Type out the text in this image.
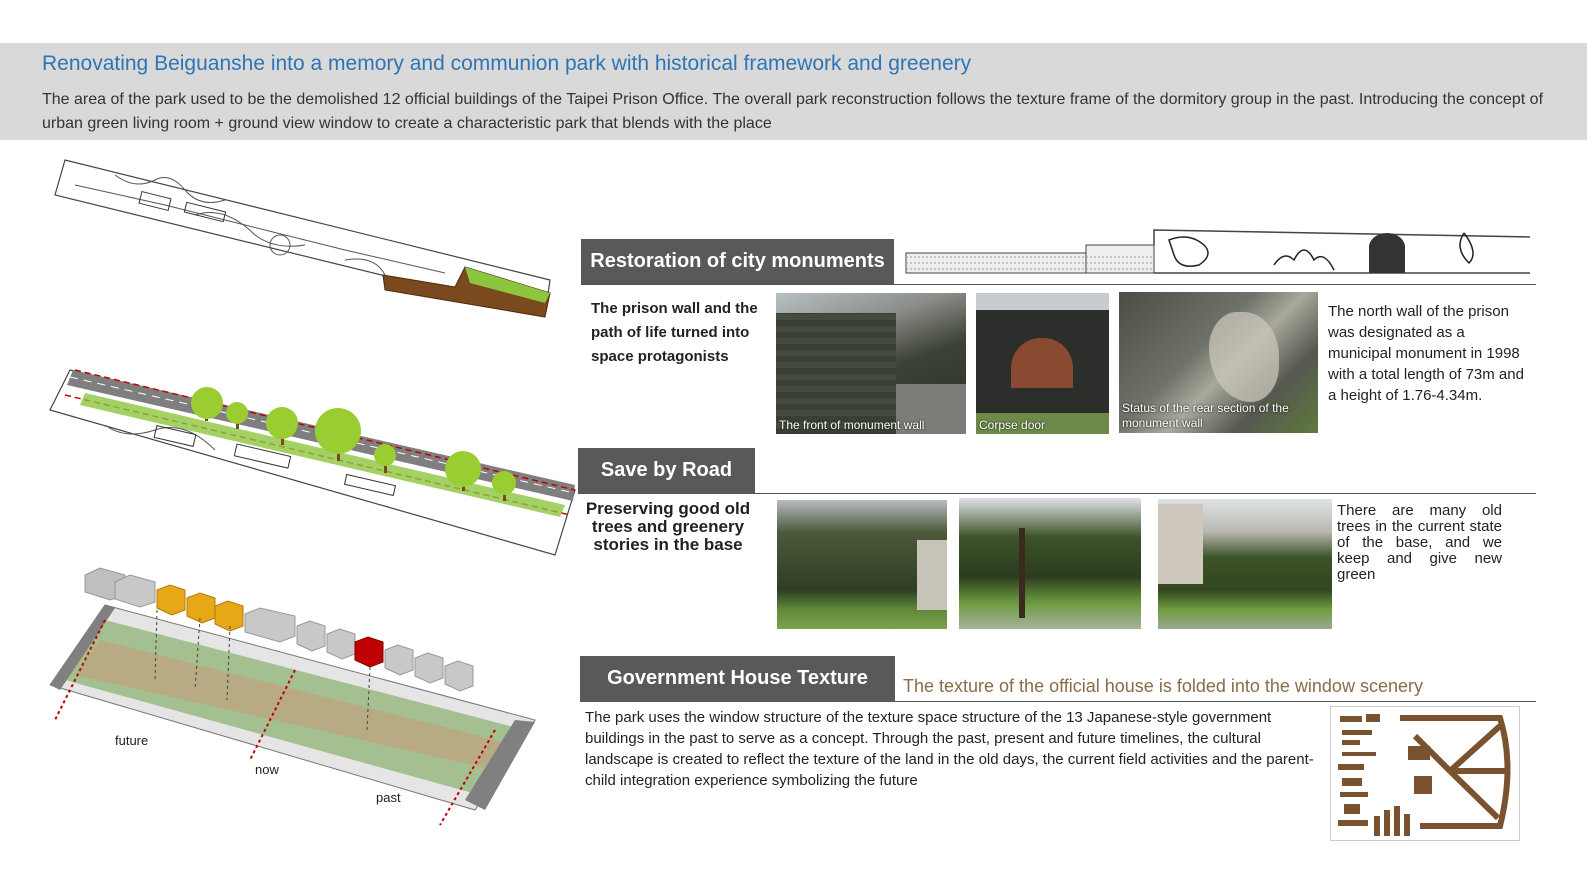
Renovating Beiguanshe into a memory and communion park with historical framework and greenery
The area of the park used to be the demolished 12 official buildings of the Taipei Prison Office. The overall park reconstruction follows the texture frame of the dormitory group in the past. Introducing the concept of urban green living room + ground view window to create a characteristic park that blends with the place
future
now
past
Restoration of city monuments
The prison wall and the path of life turned into space protagonists
The front of monument wall	Corpse door
Status of the rear section of the monument wall
The north wall of the prison was designated as a municipal monument in 1998 with a total length of 73m and a height of 1.76-4.34m.
Save by Road
Preserving good old trees and greenery stories in the base
There are many old trees in the current state of the base, and we keep and give new green
Government House Texture	The texture of the official house is folded into the window scenery
The park uses the window structure of the texture space structure of the 13 Japanese-style government buildings in the past to serve as a concept. Through the past, present and future timelines, the cultural landscape is created to reflect the texture of the land in the old days, the current field activities and the parent-child integration experience symbolizing the future
